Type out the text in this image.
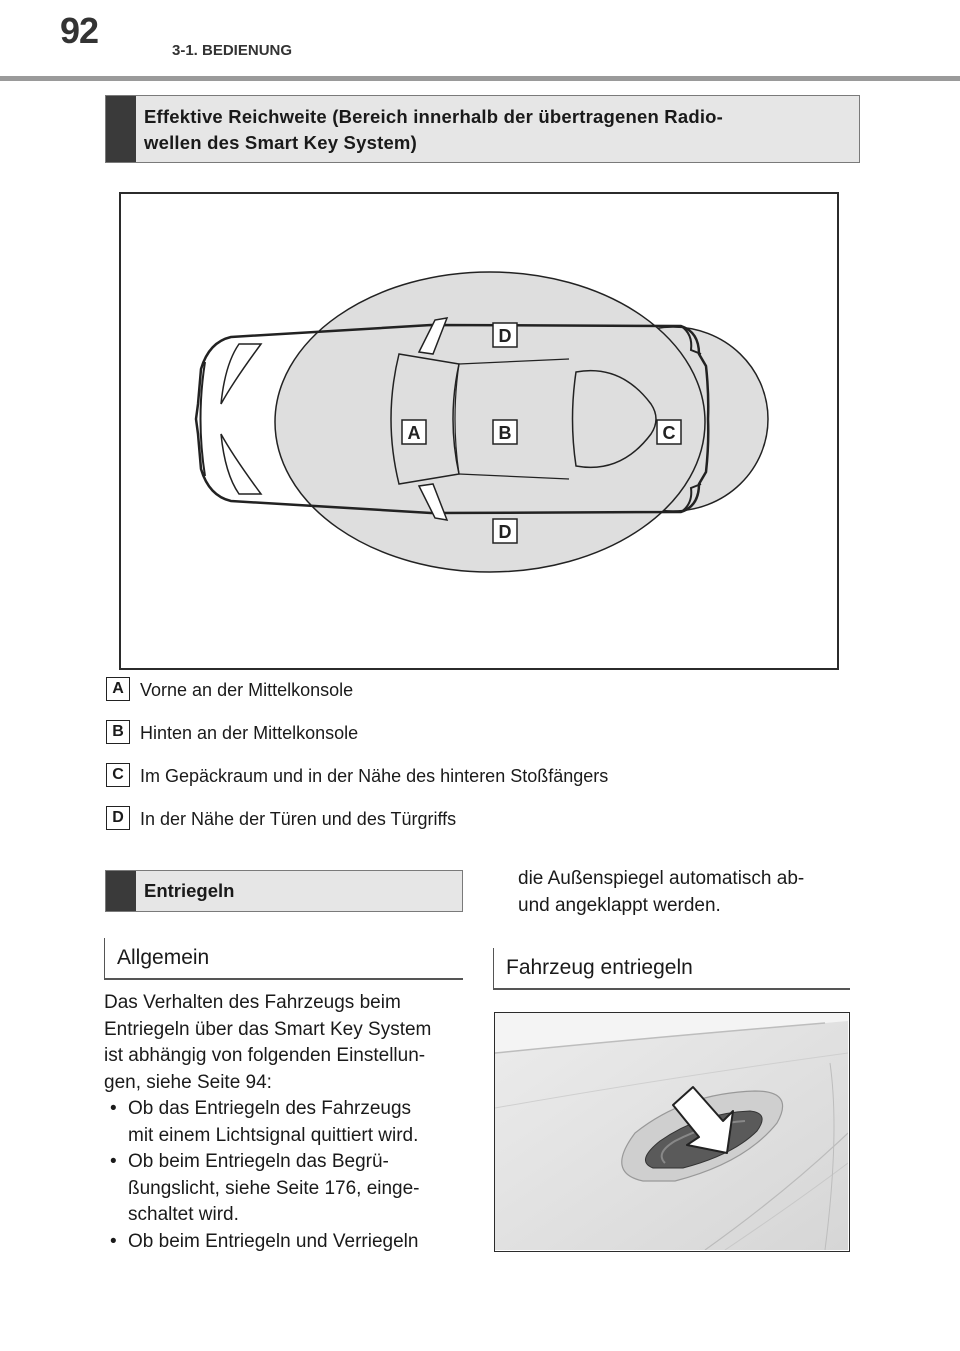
92	3-1. BEDIENUNG
Effektive Reichweite (Bereich innerhalb der übertragenen Radio-
wellen des Smart Key System)
D
A	B	C
D
A Vorne an der Mittelkonsole
B Hinten an der Mittelkonsole
C Im Gepäckraum und in der Nähe des hinteren Stoßfängers
D In der Nähe der Türen und des Türgriffs
Entriegeln
Allgemein
Das Verhalten des Fahrzeugs beim
Entriegeln über das Smart Key System
ist abhängig von folgenden Einstellun-
gen, siehe Seite 94:
• Ob das Entriegeln des Fahrzeugs
mit einem Lichtsignal quittiert wird.
• Ob beim Entriegeln das Begrü-
ßungslicht, siehe Seite 176, einge-
schaltet wird.
• Ob beim Entriegeln und Verriegeln
die Außenspiegel automatisch ab-
und angeklappt werden.
Fahrzeug entriegeln
